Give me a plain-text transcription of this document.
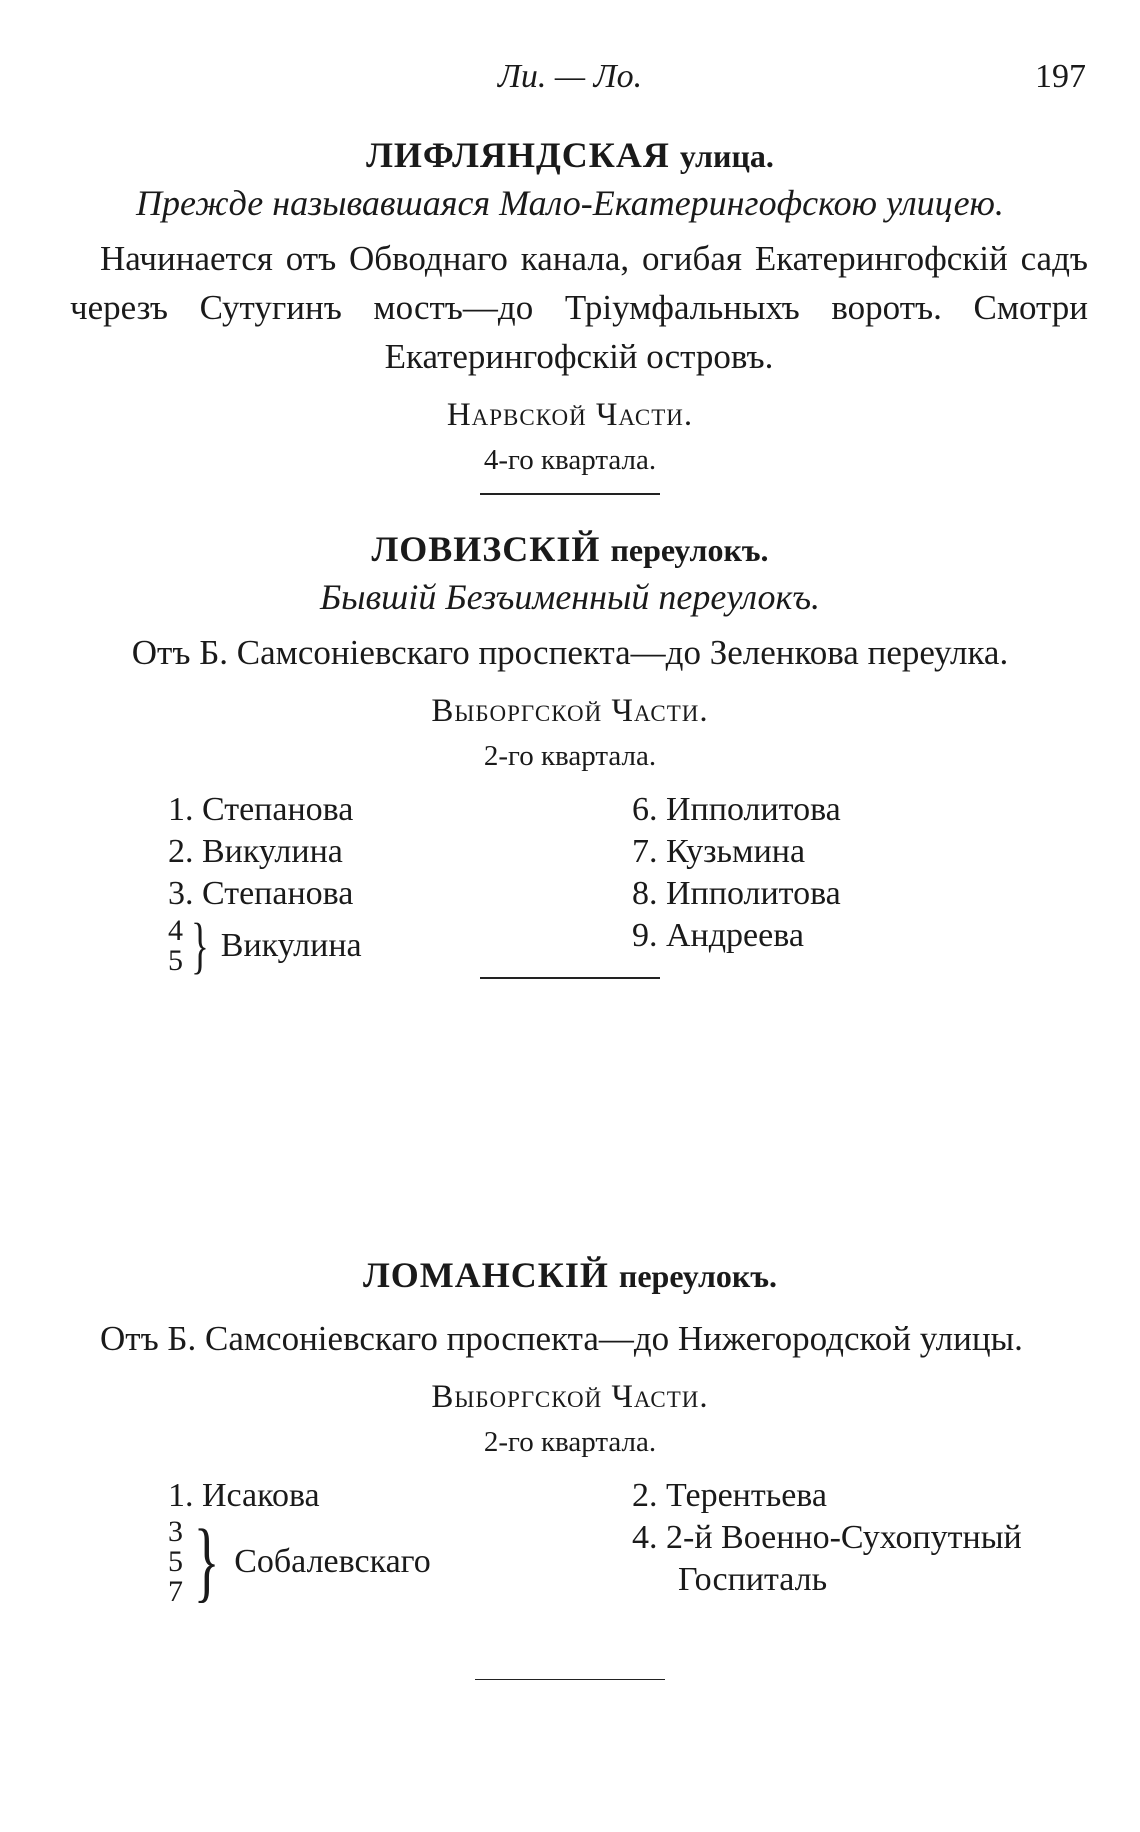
Ли. — Ло.	197
ЛИФЛЯНДСКАЯ улица.
Прежде называвшаяся Мало-Екатерингофскою улицею.
Начинается отъ Обводнаго канала, огибая Екатерингофскій садъ черезъ Сутугинъ мостъ—до Тріумфальныхъ воротъ. Смотри Екатерингофскій островъ.
Нарвской Части.
4-го квартала.
ЛОВИЗСКІЙ переулокъ.
Бывшій Безъименный переулокъ.
Отъ Б. Самсоніевскаго проспекта—до Зеленкова переулка.
Выборгской Части.
2-го квартала.
1. Степанова
2. Викулина
3. Степанова
4
5 } Викулина
6. Ипполитова
7. Кузьмина
8. Ипполитова
9. Андреева
ЛОМАНСКІЙ переулокъ.
Отъ Б. Самсоніевскаго проспекта—до Нижегородской улицы.
Выборгской Части.
2-го квартала.
1. Исакова
3
5
7 } Собалевскаго
2. Терентьева
4. 2-й Военно-Сухопутный
Госпиталь
